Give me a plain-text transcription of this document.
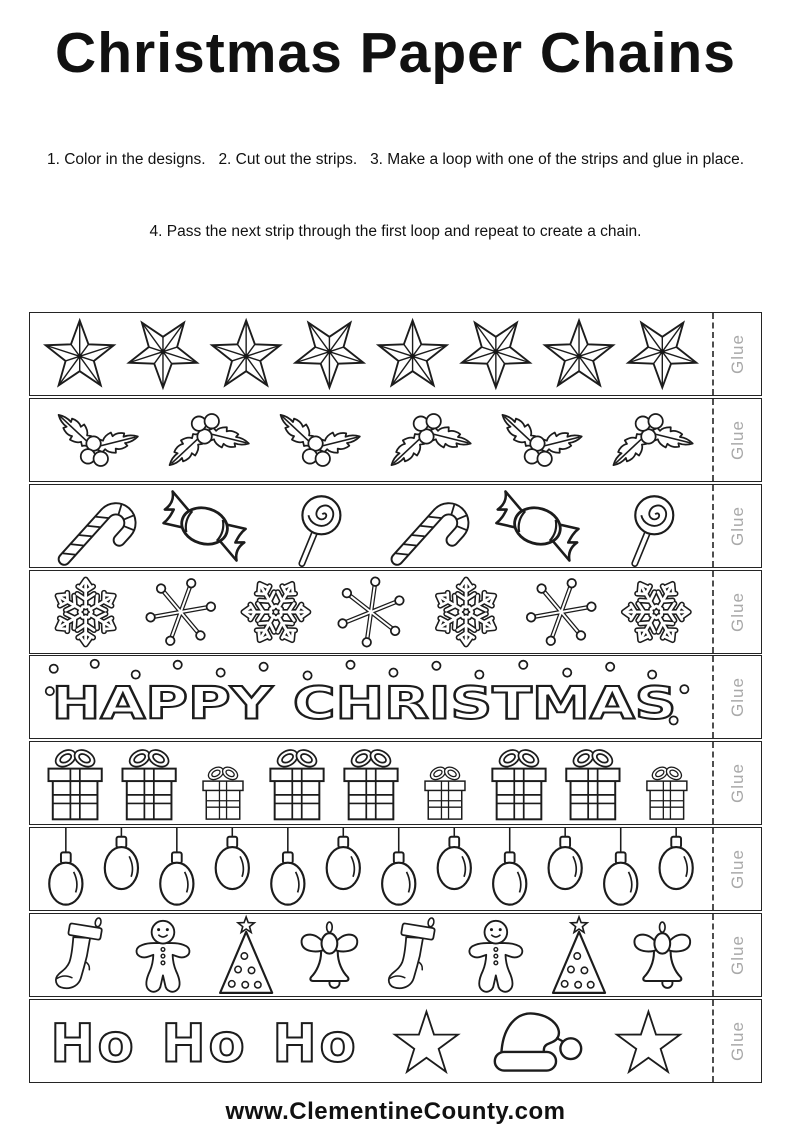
Christmas Paper Chains

1. Color in the designs.   2. Cut out the strips.   3. Make a loop with one of the strips and glue in place.

4. Pass the next strip through the first loop and repeat to create a chain.

Glue
Glue
Glue
Glue
HAPPY CHRISTMAS	Glue
Glue
Glue
Glue
Ho Ho Ho	Glue
www.ClementineCounty.com
